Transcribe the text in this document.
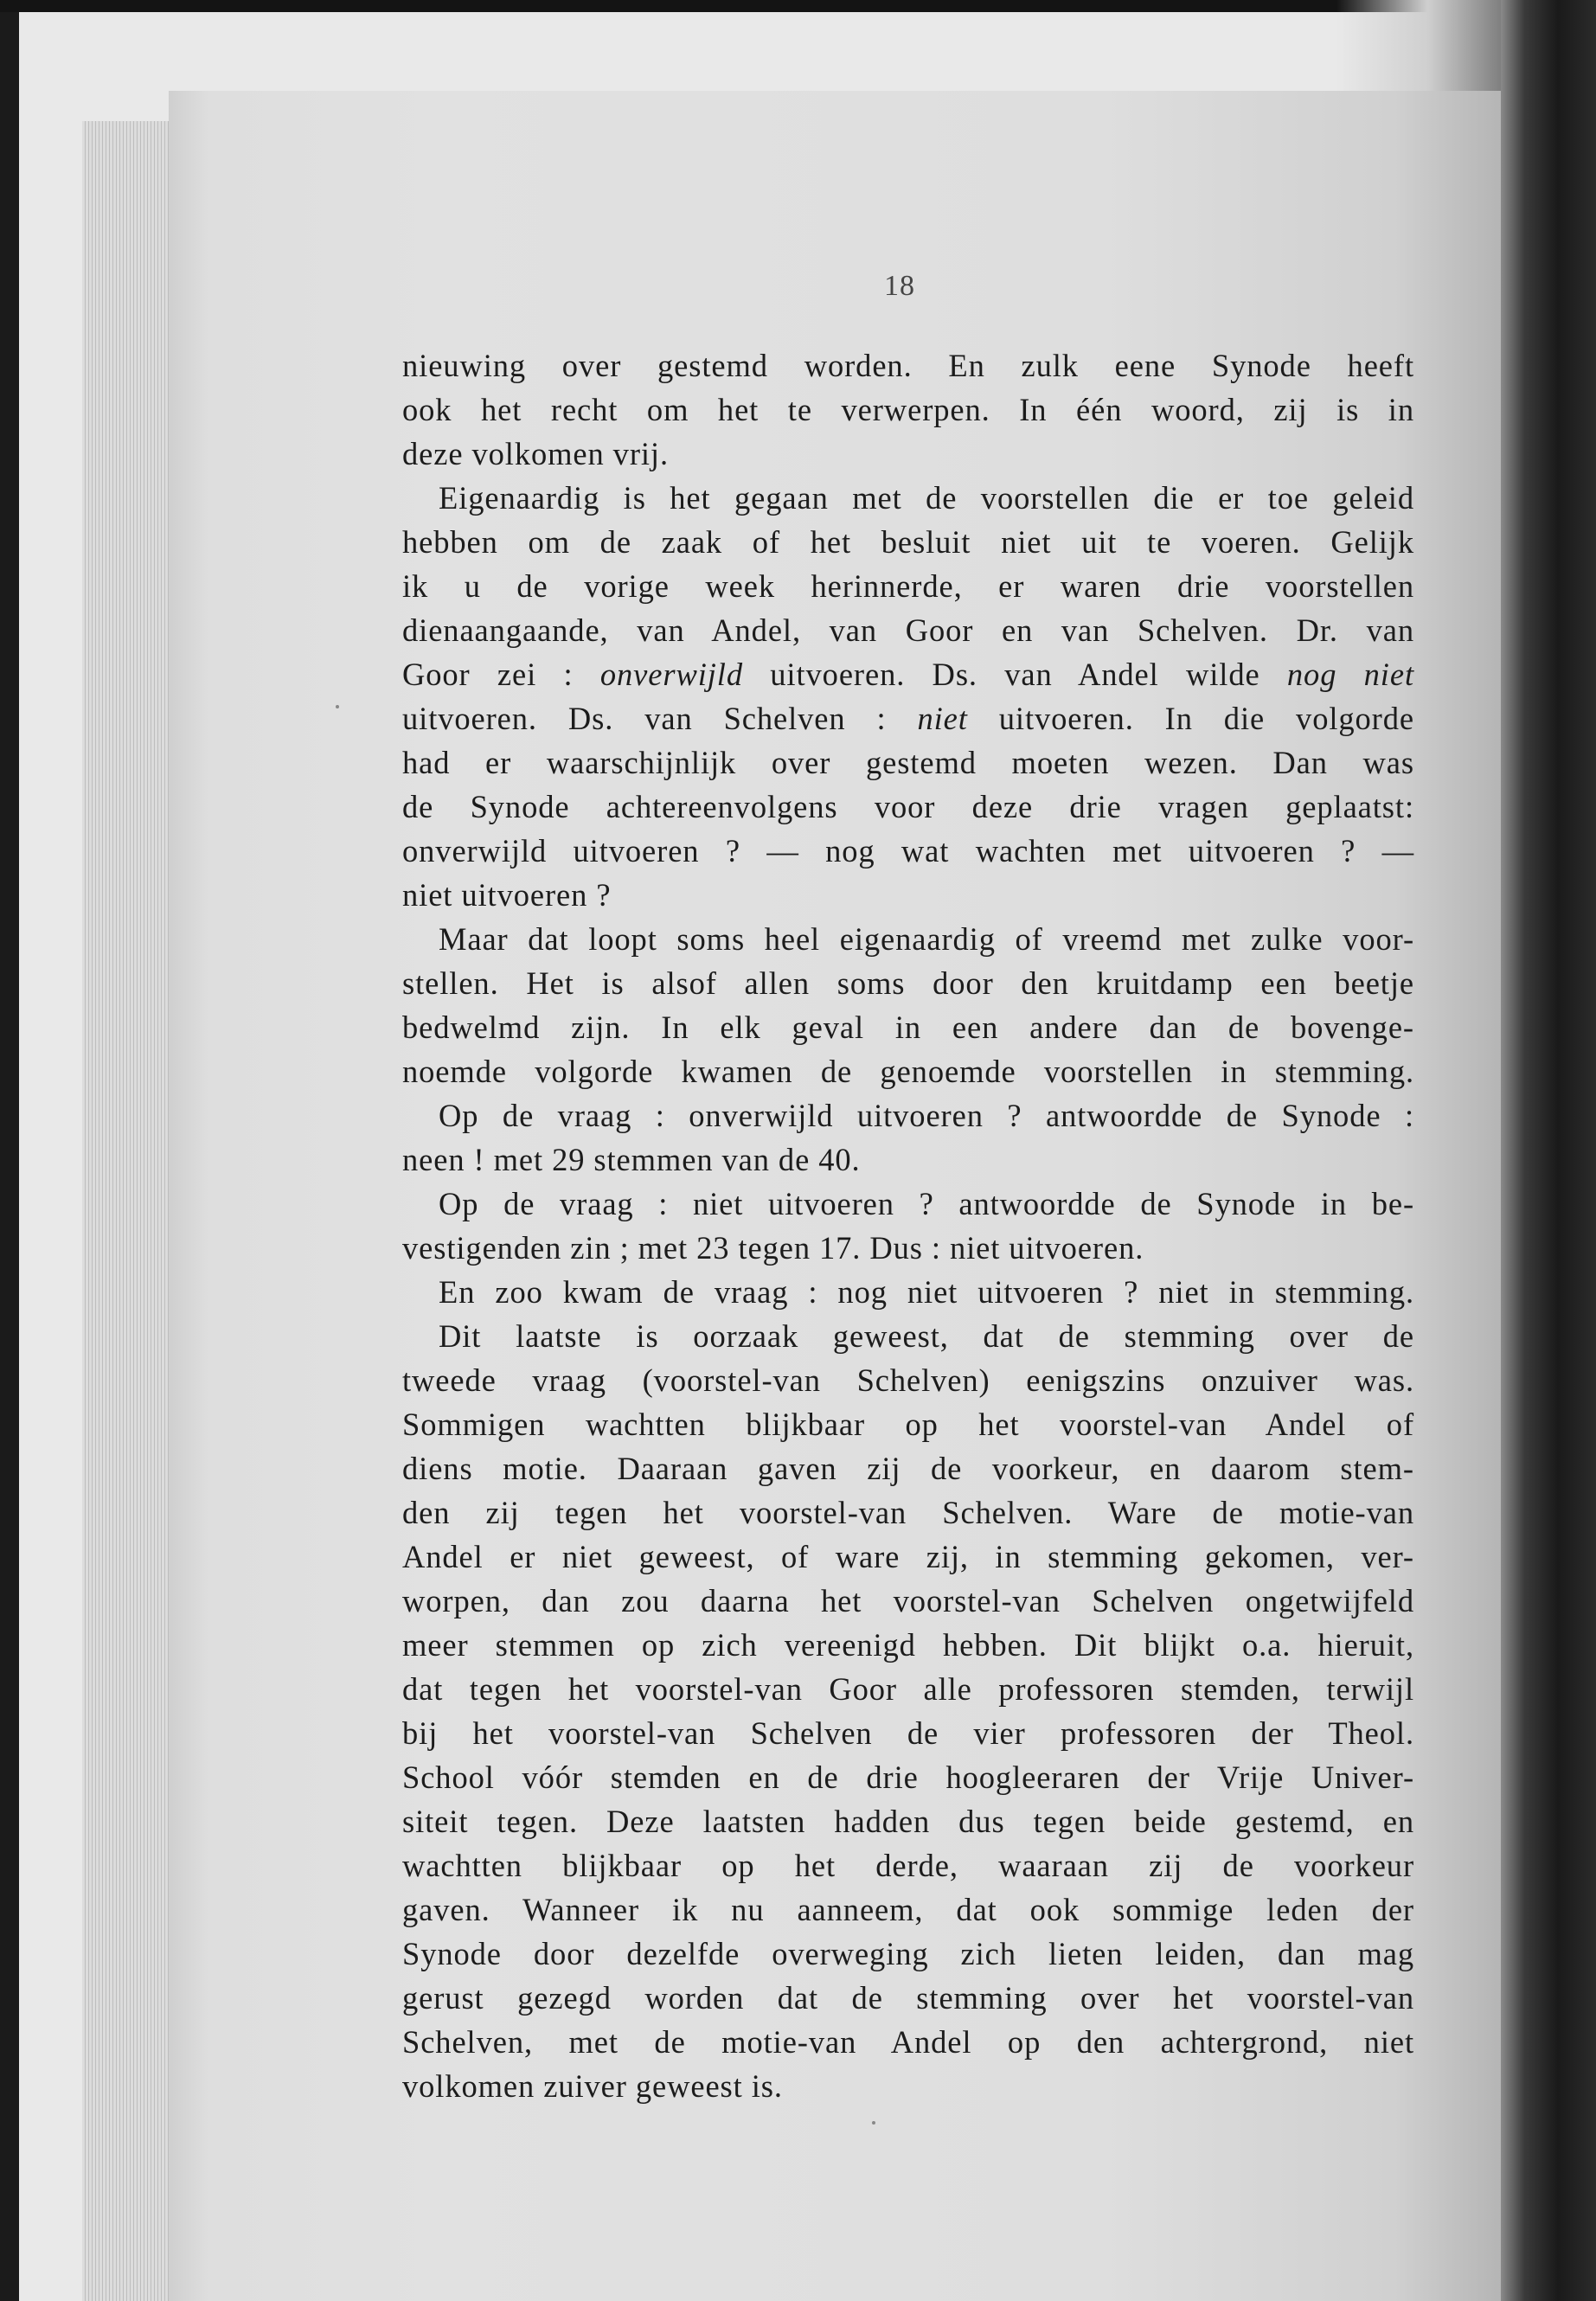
18
nieuwing over gestemd worden. En zulk eene Synode heeft
ook het recht om het te verwerpen. In één woord, zij is in
deze volkomen vrij.
Eigenaardig is het gegaan met de voorstellen die er toe geleid
hebben om de zaak of het besluit niet uit te voeren. Gelijk
ik u de vorige week herinnerde, er waren drie voorstellen
dienaangaande, van Andel, van Goor en van Schelven. Dr. van
Goor zei : onverwijld uitvoeren. Ds. van Andel wilde nog niet
uitvoeren. Ds. van Schelven : niet uitvoeren. In die volgorde
had er waarschijnlijk over gestemd moeten wezen. Dan was
de Synode achtereenvolgens voor deze drie vragen geplaatst:
onverwijld uitvoeren ? — nog wat wachten met uitvoeren ? —
niet uitvoeren ?
Maar dat loopt soms heel eigenaardig of vreemd met zulke voor-
stellen. Het is alsof allen soms door den kruitdamp een beetje
bedwelmd zijn. In elk geval in een andere dan de bovenge-
noemde volgorde kwamen de genoemde voorstellen in stemming.
Op de vraag : onverwijld uitvoeren ? antwoordde de Synode :
neen ! met 29 stemmen van de 40.
Op de vraag : niet uitvoeren ? antwoordde de Synode in be-
vestigenden zin ; met 23 tegen 17. Dus : niet uitvoeren.
En zoo kwam de vraag : nog niet uitvoeren ? niet in stemming.
Dit laatste is oorzaak geweest, dat de stemming over de
tweede vraag (voorstel-van Schelven) eenigszins onzuiver was.
Sommigen wachtten blijkbaar op het voorstel-van Andel of
diens motie. Daaraan gaven zij de voorkeur, en daarom stem-
den zij tegen het voorstel-van Schelven. Ware de motie-van
Andel er niet geweest, of ware zij, in stemming gekomen, ver-
worpen, dan zou daarna het voorstel-van Schelven ongetwijfeld
meer stemmen op zich vereenigd hebben. Dit blijkt o.a. hieruit,
dat tegen het voorstel-van Goor alle professoren stemden, terwijl
bij het voorstel-van Schelven de vier professoren der Theol.
School vóór stemden en de drie hoogleeraren der Vrije Univer-
siteit tegen. Deze laatsten hadden dus tegen beide gestemd, en
wachtten blijkbaar op het derde, waaraan zij de voorkeur
gaven. Wanneer ik nu aanneem, dat ook sommige leden der
Synode door dezelfde overweging zich lieten leiden, dan mag
gerust gezegd worden dat de stemming over het voorstel-van
Schelven, met de motie-van Andel op den achtergrond, niet
volkomen zuiver geweest is.
